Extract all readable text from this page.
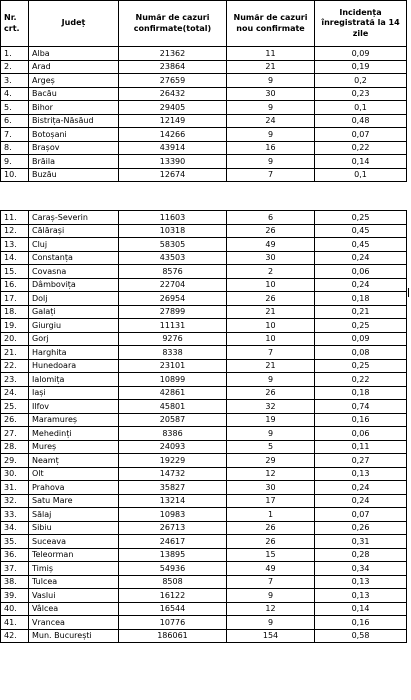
Nr.
crt.	Județ	Număr de cazuri confirmate(total)	Număr de cazuri nou confirmate	Incidența înregistrată la 14 zile
1.	Alba	21362	11	0,09
2.	Arad	23864	21	0,19
3.	Argeș	27659	9	0,2
4.	Bacău	26432	30	0,23
5.	Bihor	29405	9	0,1
6.	Bistrița-Năsăud	12149	24	0,48
7.	Botoșani	14266	9	0,07
8.	Brașov	43914	16	0,22
9.	Brăila	13390	9	0,14
10.	Buzău	12674	7	0,1
11.	Caraș-Severin	11603	6	0,25
12.	Călărași	10318	26	0,45
13.	Cluj	58305	49	0,45
14.	Constanța	43503	30	0,24
15.	Covasna	8576	2	0,06
16.	Dâmbovița	22704	10	0,24
17.	Dolj	26954	26	0,18
18.	Galați	27899	21	0,21
19.	Giurgiu	11131	10	0,25
20.	Gorj	9276	10	0,09
21.	Harghita	8338	7	0,08
22.	Hunedoara	23101	21	0,25
23.	Ialomița	10899	9	0,22
24.	Iași	42861	26	0,18
25.	Ilfov	45801	32	0,74
26.	Maramureș	20587	19	0,16
27.	Mehedinți	8386	9	0,06
28.	Mureș	24093	5	0,11
29.	Neamț	19229	29	0,27
30.	Olt	14732	12	0,13
31.	Prahova	35827	30	0,24
32.	Satu Mare	13214	17	0,24
33.	Sălaj	10983	1	0,07
34.	Sibiu	26713	26	0,26
35.	Suceava	24617	26	0,31
36.	Teleorman	13895	15	0,28
37.	Timiș	54936	49	0,34
38.	Tulcea	8508	7	0,13
39.	Vaslui	16122	9	0,13
40.	Vâlcea	16544	12	0,14
41.	Vrancea	10776	9	0,16
42.	Mun. București	186061	154	0,58
